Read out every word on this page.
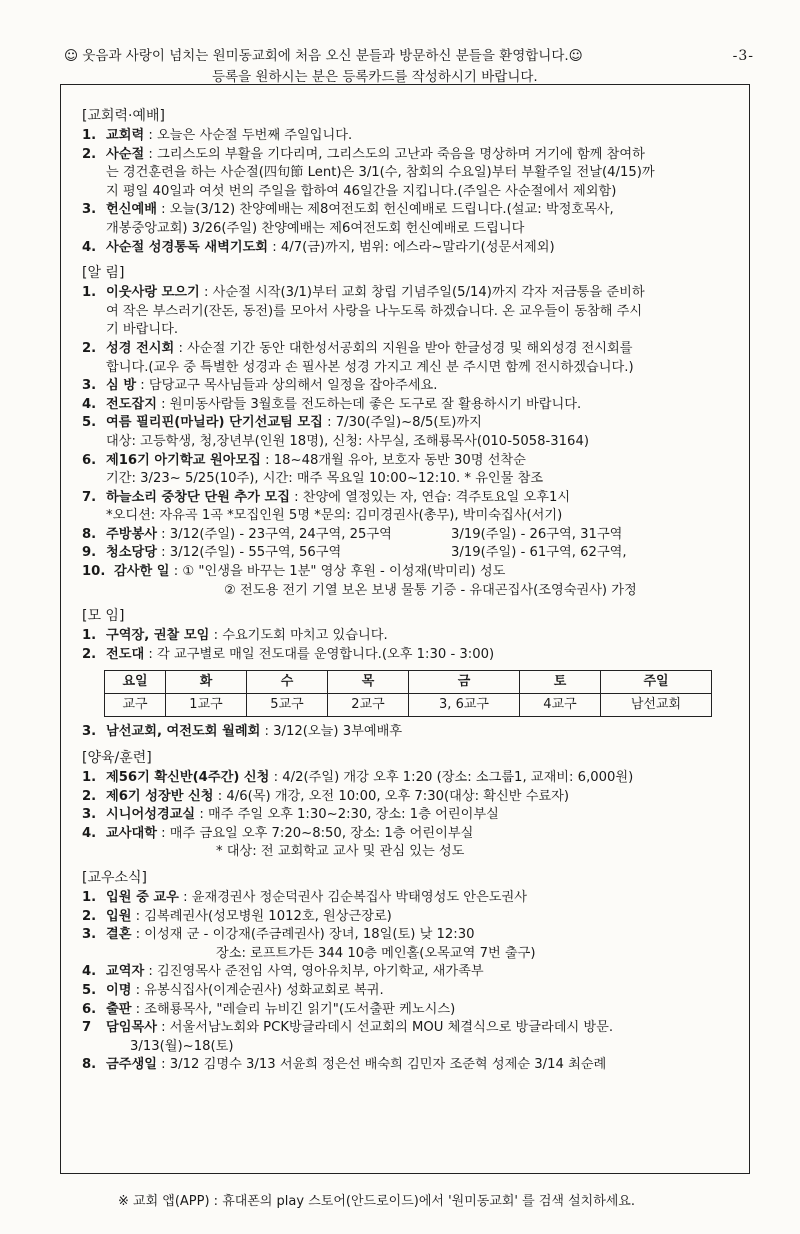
☺ 웃음과 사랑이 넘치는 원미동교회에 처음 오신 분들과 방문하신 분들을 환영합니다.☺	-3-
등록을 원하시는 분은 등록카드를 작성하시기 바랍니다.
[교회력·예배]
1. 교회력 : 오늘은 사순절 두번째 주일입니다.
2. 사순절 : 그리스도의 부활을 기다리며, 그리스도의 고난과 죽음을 명상하며 거기에 함께 참여하
는 경건훈련을 하는 사순절(四旬節 Lent)은 3/1(수, 참회의 수요일)부터 부활주일 전날(4/15)까
지 평일 40일과 여섯 번의 주일을 합하여 46일간을 지킵니다.(주일은 사순절에서 제외함)
3. 헌신예배 : 오늘(3/12) 찬양예배는 제8여전도회 헌신예배로 드립니다.(설교: 박정호목사,
개봉중앙교회) 3/26(주일) 찬양예배는 제6여전도회 헌신예배로 드립니다
4. 사순절 성경통독 새벽기도회 : 4/7(금)까지, 범위: 에스라~말라기(성문서제외)
[알 림]
1. 이웃사랑 모으기 : 사순절 시작(3/1)부터 교회 창립 기념주일(5/14)까지 각자 저금통을 준비하
여 작은 부스러기(잔돈, 동전)를 모아서 사랑을 나누도록 하겠습니다. 온 교우들이 동참해 주시
기 바랍니다.
2. 성경 전시회 : 사순절 기간 동안 대한성서공회의 지원을 받아 한글성경 및 해외성경 전시회를
합니다.(교우 중 특별한 성경과 손 필사본 성경 가지고 계신 분 주시면 함께 전시하겠습니다.)
3. 심 방 : 담당교구 목사님들과 상의해서 일정을 잡아주세요.
4. 전도잡지 : 원미동사람들 3월호를 전도하는데 좋은 도구로 잘 활용하시기 바랍니다.
5. 여름 필리핀(마닐라) 단기선교팀 모집 : 7/30(주일)~8/5(토)까지
대상: 고등학생, 청,장년부(인원 18명), 신청: 사무실, 조해룡목사(010-5058-3164)
6. 제16기 아기학교 원아모집 : 18~48개월 유아, 보호자 동반 30명 선착순
기간: 3/23~ 5/25(10주), 시간: 매주 목요일 10:00~12:10. * 유인물 참조
7. 하늘소리 중창단 단원 추가 모집 : 찬양에 열정있는 자, 연습: 격주토요일 오후1시
*오디션: 자유곡 1곡 *모집인원 5명 *문의: 김미경권사(총무), 박미숙집사(서기)
8. 주방봉사 : 3/12(주일) - 23구역, 24구역, 25구역	3/19(주일) - 26구역, 31구역
9. 청소당당 : 3/12(주일) - 55구역, 56구역	3/19(주일) - 61구역, 62구역,
10. 감사한 일 : ① "인생을 바꾸는 1분" 영상 후원 - 이성재(박미리) 성도
② 전도용 전기 기열 보온 보냉 물통 기증 - 유대곤집사(조영숙권사) 가정
[모 임]
1. 구역장, 권찰 모임 : 수요기도회 마치고 있습니다.
2. 전도대 : 각 교구별로 매일 전도대를 운영합니다.(오후 1:30 - 3:00)
요일	화	수	목	금	토	주일
교구	1교구	5교구	2교구	3, 6교구	4교구	남선교회
3. 남선교회, 여전도회 월례회 : 3/12(오늘) 3부예배후
[양육/훈련]
1. 제56기 확신반(4주간) 신청 : 4/2(주일) 개강 오후 1:20 (장소: 소그룹1, 교재비: 6,000원)
2. 제6기 성장반 신청 : 4/6(목) 개강, 오전 10:00, 오후 7:30(대상: 확신반 수료자)
3. 시니어성경교실 : 매주 주일 오후 1:30~2:30, 장소: 1층 어린이부실
4. 교사대학 : 매주 금요일 오후 7:20~8:50, 장소: 1층 어린이부실
* 대상: 전 교회학교 교사 및 관심 있는 성도
[교우소식]
1. 입원 중 교우 : 윤재경권사 정순덕권사 김순복집사 박태영성도 안은도권사
2. 입원 : 김복례권사(성모병원 1012호, 원상근장로)
3. 결혼 : 이성재 군 - 이강재(주금례권사) 장녀, 18일(토) 낮 12:30
장소: 로프트가든 344 10층 메인홀(오목교역 7번 출구)
4. 교역자 : 김진영목사 준전임 사역, 영아유치부, 아기학교, 새가족부
5. 이명 : 유봉식집사(이계순권사) 성화교회로 복귀.
6. 출판 : 조해룡목사, "레슬리 뉴비긴 읽기"(도서출판 케노시스)
7	담임목사 : 서울서남노회와 PCK방글라데시 선교회의 MOU 체결식으로 방글라데시 방문.
3/13(월)~18(토)
8. 금주생일 : 3/12 김명수 3/13 서윤희 정은선 배숙희 김민자 조준혁 성제순 3/14 최순례
※ 교회 앱(APP) : 휴대폰의 play 스토어(안드로이드)에서 '원미동교회' 를 검색 설치하세요.
